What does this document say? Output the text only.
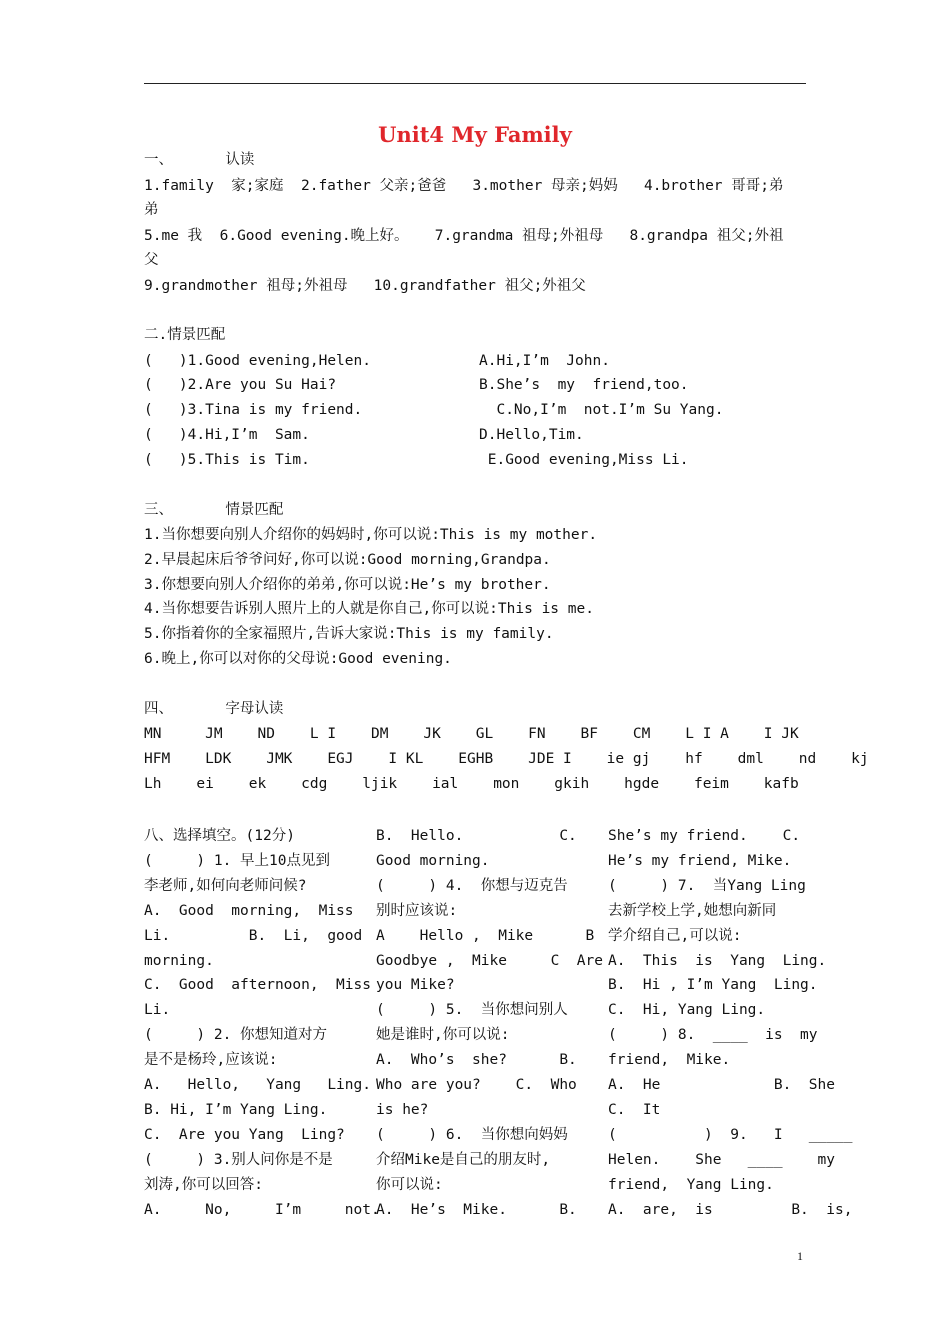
Unit4 My Family
一、      认读
1.family  家;家庭  2.father 父亲;爸爸   3.mother 母亲;妈妈   4.brother 哥哥;弟
弟
5.me 我  6.Good evening.晚上好。   7.grandma 祖母;外祖母   8.grandpa 祖父;外祖
父
9.grandmother 祖母;外祖母   10.grandfather 祖父;外祖父
二.情景匹配
(   )1.Good evening,Helen.
(   )2.Are you Su Hai?
(   )3.Tina is my friend.
(   )4.Hi,I’m  Sam.
(   )5.This is Tim.
A.Hi,I’m  John.
B.She’s  my  friend,too.
C.No,I’m  not.I’m Su Yang.
D.Hello,Tim.
E.Good evening,Miss Li.
三、      情景匹配
1.当你想要向别人介绍你的妈妈时,你可以说:This is my mother.
2.早晨起床后爷爷问好,你可以说:Good morning,Grandpa.
3.你想要向别人介绍你的弟弟,你可以说:He’s my brother.
4.当你想要告诉别人照片上的人就是你自己,你可以说:This is me.
5.你指着你的全家福照片,告诉大家说:This is my family.
6.晚上,你可以对你的父母说:Good evening.
四、      字母认读
MN     JM    ND    L I    DM    JK    GL    FN    BF    CM    L I A    I JK
HFM    LDK    JMK    EGJ    I KL    EGHB    JDE I    ie gj    hf    dml    nd    kj
Lh    ei    ek    cdg    ljik    ial    mon    gkih    hgde    feim    kafb
八、选择填空。(12分)
(     ) 1. 早上10点见到
李老师,如何向老师问候?
A.  Good  morning,  Miss
Li.         B.  Li,  good
morning.
C.  Good  afternoon,  Miss
Li.
(     ) 2. 你想知道对方
是不是杨玲,应该说:
A.   Hello,   Yang   Ling.
B. Hi, I’m Yang Ling.
C.  Are you Yang  Ling?
(     ) 3.别人问你是不是
刘涛,你可以回答:
A.     No,     I’m     not.
B.  Hello.           C.
Good morning.
(     ) 4.  你想与迈克告
别时应该说:
A    Hello ,  Mike      B
Goodbye ,  Mike     C  Are
you Mike?
(     ) 5.  当你想问别人
她是谁时,你可以说:
A.  Who’s  she?      B.
Who are you?    C.  Who
is he?
(     ) 6.  当你想向妈妈
介绍Mike是自己的朋友时,
你可以说:
A.  He’s  Mike.      B.
She’s my friend.    C.
He’s my friend, Mike.
(     ) 7.  当Yang Ling
去新学校上学,她想向新同
学介绍自己,可以说:
A.  This  is  Yang  Ling.
B.  Hi , I’m Yang  Ling.
C.  Hi, Yang Ling.
(     ) 8.  ____  is  my
friend,  Mike.
A.  He             B.  She
C.  It
(          )  9.   I   _____
Helen.    She   ____    my
friend,  Yang Ling.
A.  are,  is         B.  is,
1
